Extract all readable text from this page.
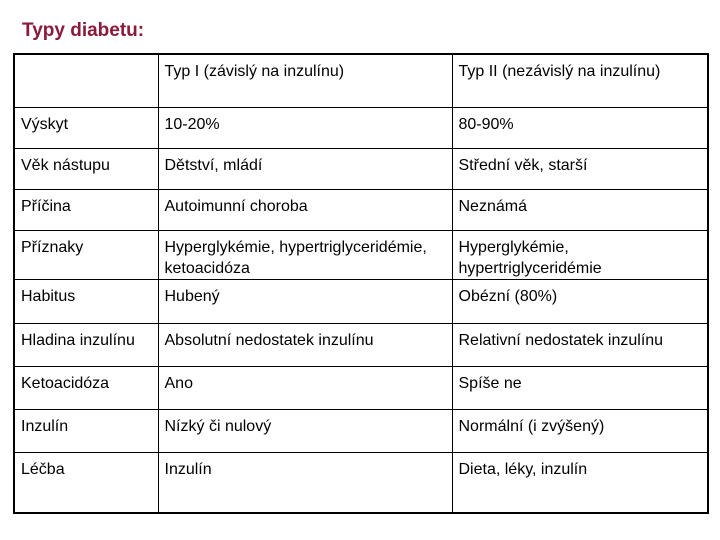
Typy diabetu:
	Typ I (závislý na inzulínu)	Typ II (nezávislý na inzulínu)
Výskyt	10-20%	80-90%
Věk nástupu	Dětství, mládí	Střední věk, starší
Příčina	Autoimunní choroba	Neznámá
Příznaky	Hyperglykémie, hypertriglyceridémie, ketoacidóza	Hyperglykémie, hypertriglyceridémie
Habitus	Hubený	Obézní (80%)
Hladina inzulínu	Absolutní nedostatek inzulínu	Relativní nedostatek inzulínu
Ketoacidóza	Ano	Spíše ne
Inzulín	Nízký či nulový	Normální (i zvýšený)
Léčba	Inzulín	Dieta, léky, inzulín
